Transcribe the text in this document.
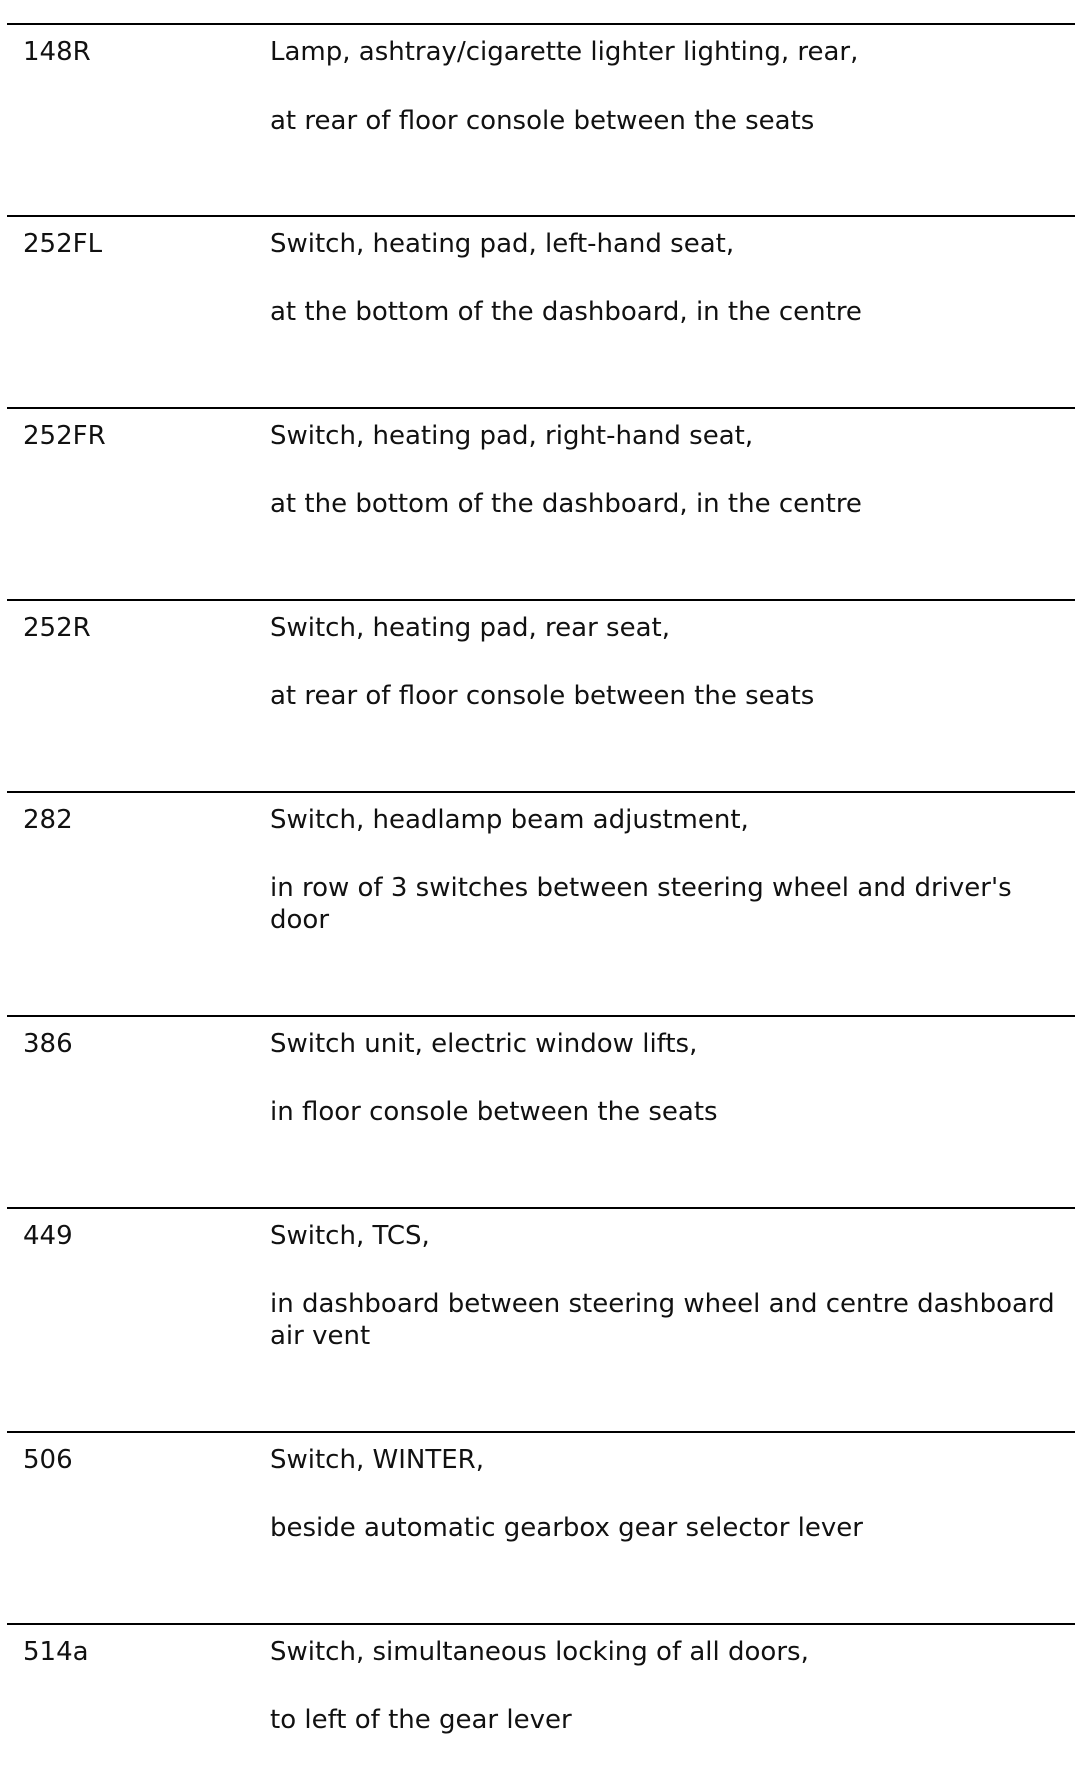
148R	Lamp, ashtray/cigarette lighter lighting, rear,
at rear of floor console between the seats
252FL	Switch, heating pad, left-hand seat,
at the bottom of the dashboard, in the centre
252FR	Switch, heating pad, right-hand seat,
at the bottom of the dashboard, in the centre
252R	Switch, heating pad, rear seat,
at rear of floor console between the seats
282	Switch, headlamp beam adjustment,
in row of 3 switches between steering wheel and driver's door
386	Switch unit, electric window lifts,
in floor console between the seats
449	Switch, TCS,
in dashboard between steering wheel and centre dashboard air vent
506	Switch, WINTER,
beside automatic gearbox gear selector lever
514a	Switch, simultaneous locking of all doors,
to left of the gear lever
